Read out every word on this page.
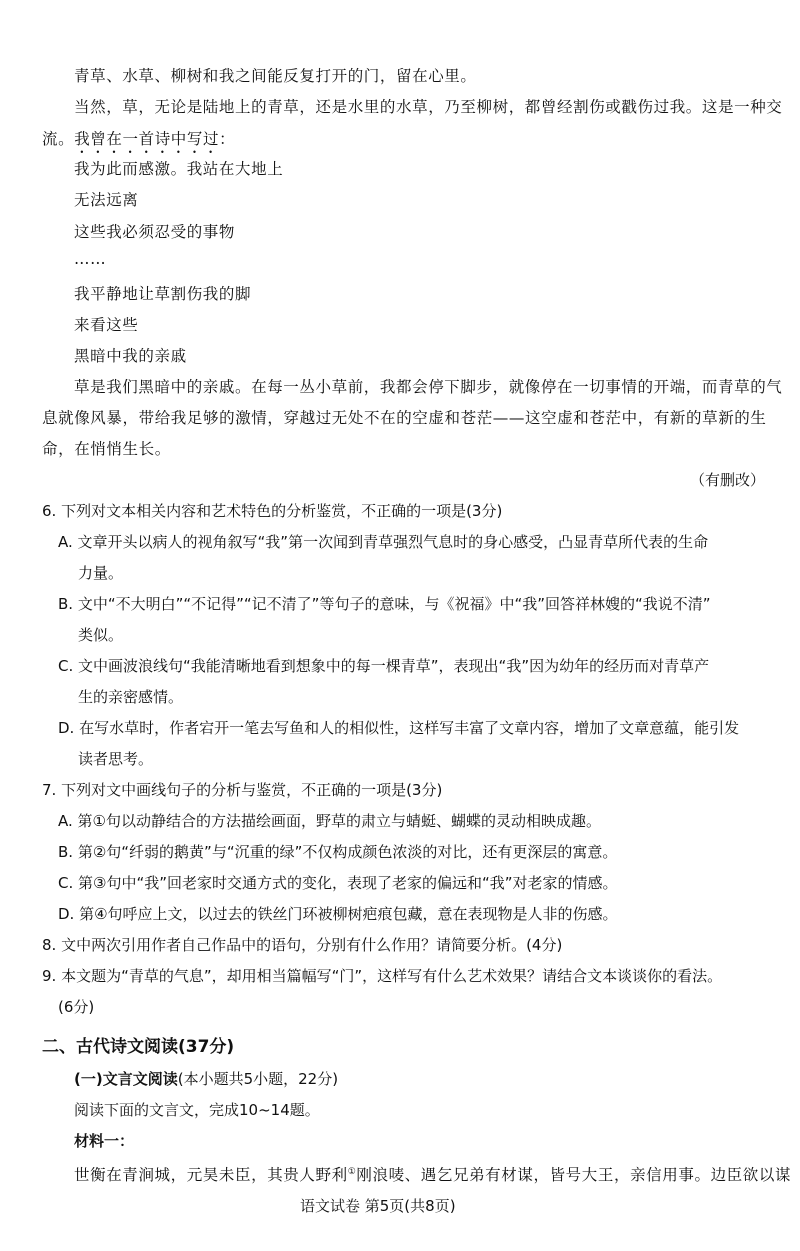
青草、水草、柳树和我之间能反复打开的门，留在心里。
当然，草，无论是陆地上的青草，还是水里的水草，乃至柳树，都曾经割伤或戳伤过我。这是一种交
流。我曾在一首诗中写过：
我为此而感激。我站在大地上
无法远离
这些我必须忍受的事物
……
我平静地让草割伤我的脚
来看这些
黑暗中我的亲戚
草是我们黑暗中的亲戚。在每一丛小草前，我都会停下脚步，就像停在一切事情的开端，而青草的气
息就像风暴，带给我足够的激情，穿越过无处不在的空虚和苍茫——这空虚和苍茫中，有新的草新的生
命，在悄悄生长。
（有删改）
6. 下列对文本相关内容和艺术特色的分析鉴赏，不正确的一项是(3分)
A. 文章开头以病人的视角叙写“我”第一次闻到青草强烈气息时的身心感受，凸显青草所代表的生命
力量。
B. 文中“不大明白”“不记得”“记不清了”等句子的意味，与《祝福》中“我”回答祥林嫂的“我说不清”
类似。
C. 文中画波浪线句“我能清晰地看到想象中的每一棵青草”，表现出“我”因为幼年的经历而对青草产
生的亲密感情。
D. 在写水草时，作者宕开一笔去写鱼和人的相似性，这样写丰富了文章内容，增加了文章意蕴，能引发
读者思考。
7. 下列对文中画线句子的分析与鉴赏，不正确的一项是(3分)
A. 第①句以动静结合的方法描绘画面，野草的肃立与蜻蜓、蝴蝶的灵动相映成趣。
B. 第②句“纤弱的鹅黄”与“沉重的绿”不仅构成颜色浓淡的对比，还有更深层的寓意。
C. 第③句中“我”回老家时交通方式的变化，表现了老家的偏远和“我”对老家的情感。
D. 第④句呼应上文，以过去的铁丝门环被柳树疤痕包藏，意在表现物是人非的伤感。
8. 文中两次引用作者自己作品中的语句，分别有什么作用？请简要分析。(4分)
9. 本文题为“青草的气息”，却用相当篇幅写“门”，这样写有什么艺术效果？请结合文本谈谈你的看法。
(6分)
二、古代诗文阅读(37分)
(一)文言文阅读(本小题共5小题，22分)
阅读下面的文言文，完成10~14题。
材料一：
世衡在青涧城，元昊未臣，其贵人野利①刚浪唛、遇乞兄弟有材谋，皆号大王，亲信用事。边臣欲以谋
语文试卷 第5页(共8页)
